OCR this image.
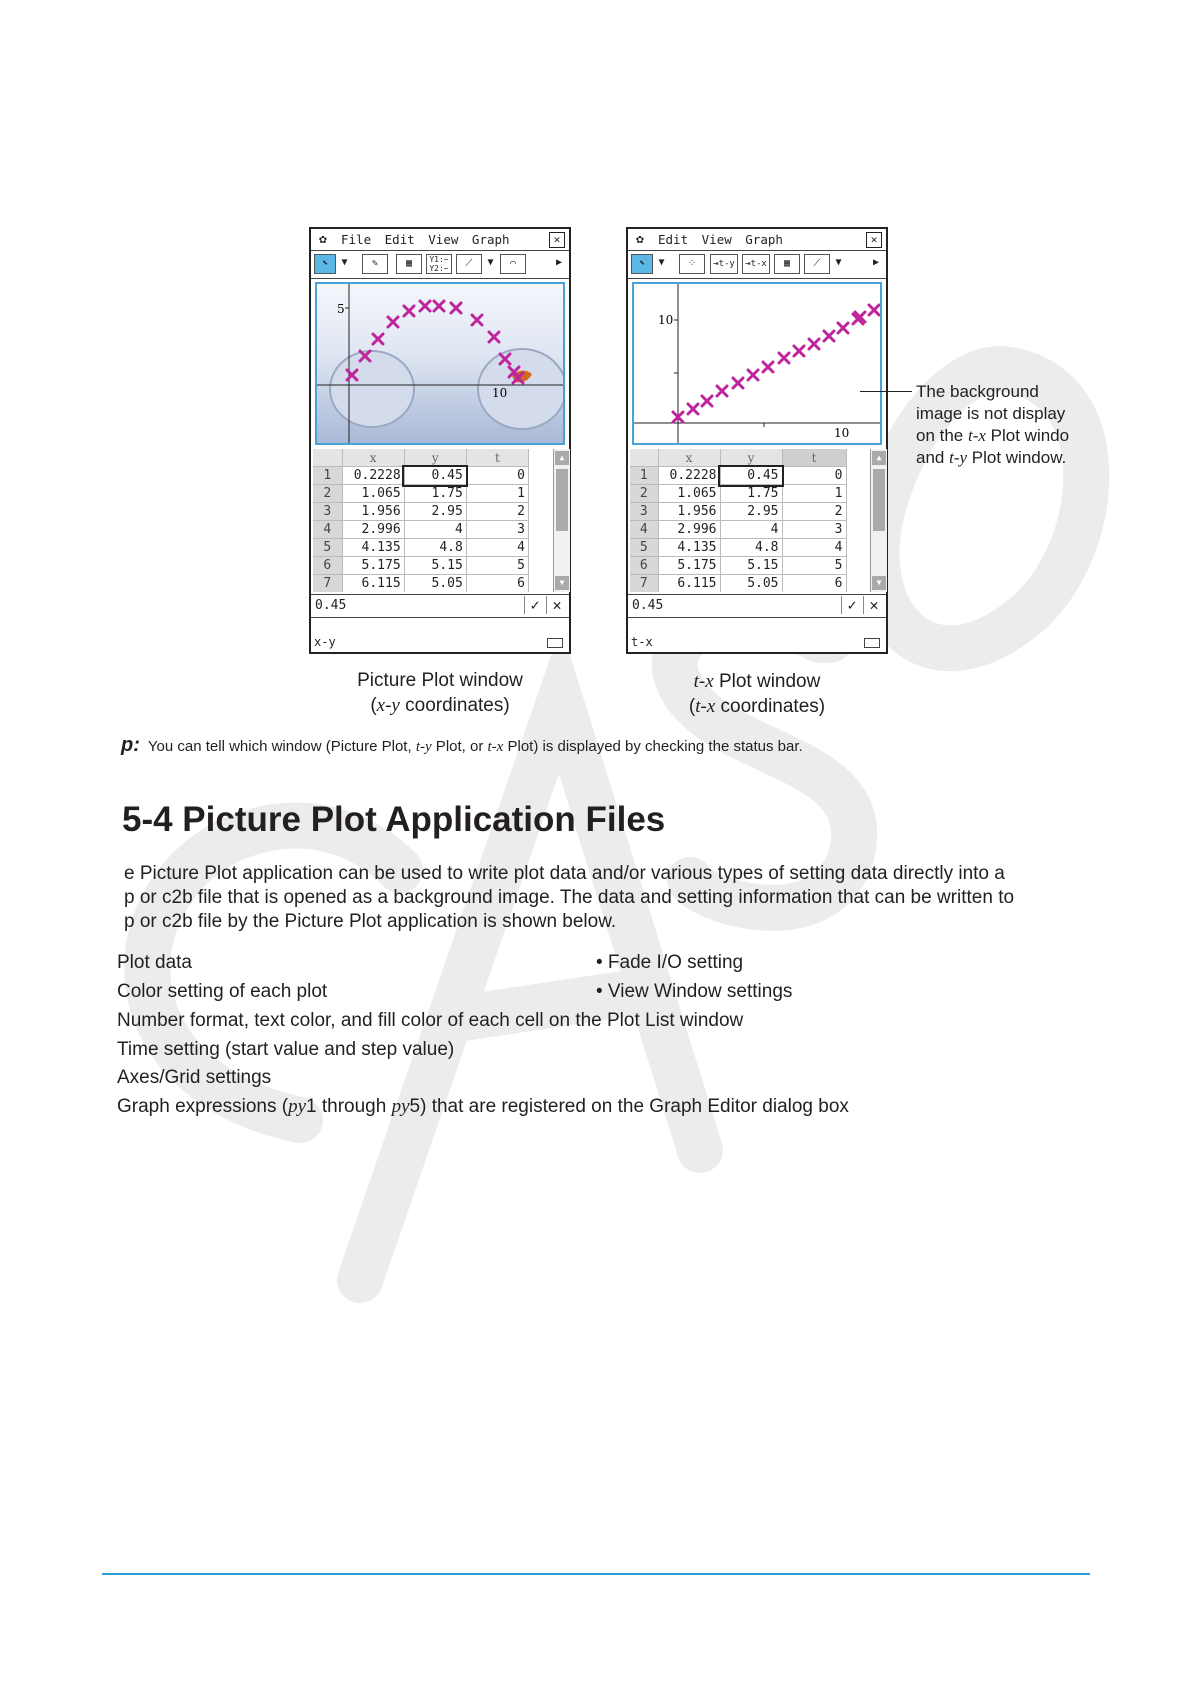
✿ File Edit View Graph	✕
⬉	▼	✎	▦	Y1:−
Y2:−	⟋	▼	⌒	▶
5
10
	x	y	t
1	0.2228	0.45	0
2	1.065	1.75	1
3	1.956	2.95	2
4	2.996	4	3
5	4.135	4.8	4
6	5.175	5.15	5
7	6.115	5.05	6

▲
▼
0.45	✓ ✕
x-y
✿ Edit View Graph	✕
⬉	▼	⁘	⇥t-y	⇥t-x	▦	⟋	▼	▶
10
10
	x	y	t
1	0.2228	0.45	0
2	1.065	1.75	1
3	1.956	2.95	2
4	2.996	4	3
5	4.135	4.8	4
6	5.175	5.15	5
7	6.115	5.05	6

▲
▼
0.45	✓ ✕
t-x
Picture Plot window
(x-y coordinates)
t-x Plot window
(t-x coordinates)
The background
image is not display
on the t-x Plot windo
and t-y Plot window.
p: You can tell which window (Picture Plot, t-y Plot, or t-x Plot) is displayed by checking the status bar.
5-4 Picture Plot Application Files
e Picture Plot application can be used to write plot data and/or various types of setting data directly into a
p or c2b file that is opened as a background image. The data and setting information that can be written to
p or c2b file by the Picture Plot application is shown below.
Plot data
Color setting of each plot
Number format, text color, and fill color of each cell on the Plot List window
Time setting (start value and step value)
Axes/Grid settings
Graph expressions (py1 through py5) that are registered on the Graph Editor dialog box
• Fade I/O setting
• View Window settings
